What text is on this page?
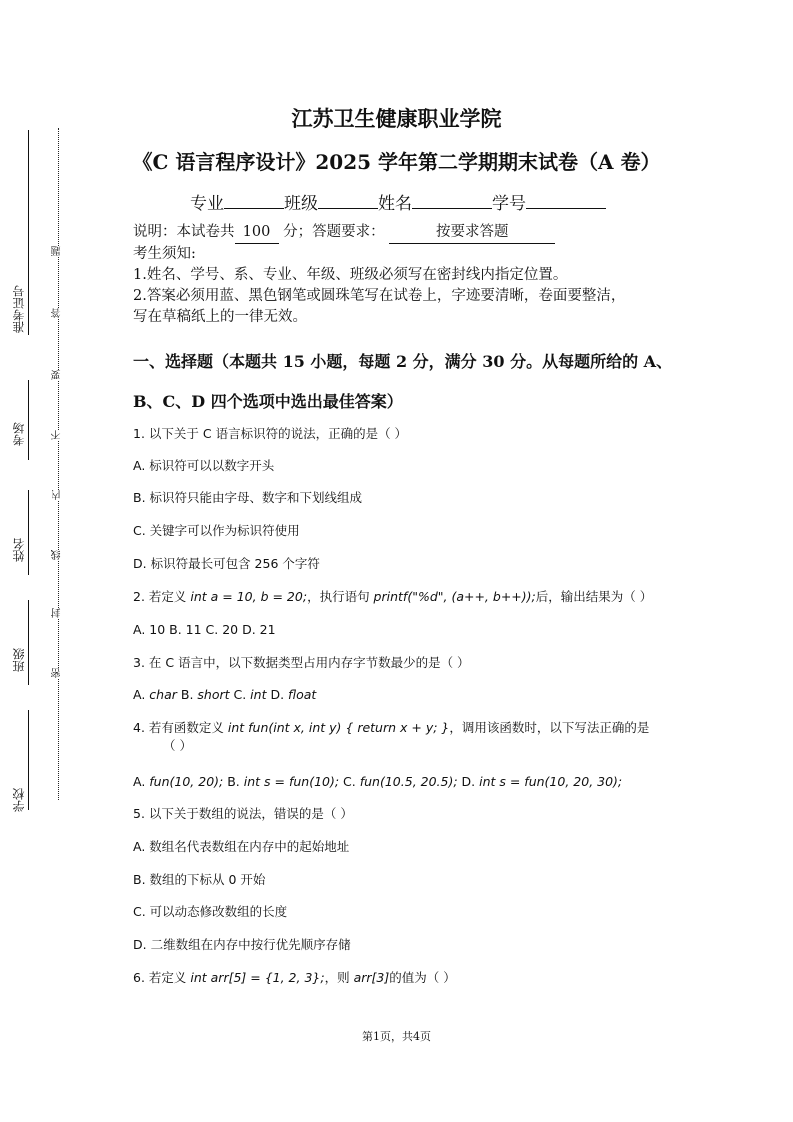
准考证号
考场
姓名
班级
学校
题
答
要
不
内
线
封
密
江苏卫生健康职业学院
《C 语言程序设计》2025 学年第二学期期末试卷（A 卷）
专业	班级	姓名	学号
说明：本试卷共 100 分；答题要求：	按要求答题
考生须知:
1.姓名、学号、系、专业、年级、班级必须写在密封线内指定位置。
2.答案必须用蓝、黑色钢笔或圆珠笔写在试卷上，字迹要清晰，卷面要整洁，
写在草稿纸上的一律无效。
一、选择题（本题共 15 小题，每题 2 分，满分 30 分。从每题所给的 A、
B、C、D 四个选项中选出最佳答案）
1. 以下关于 C 语言标识符的说法，正确的是（ ）
A. 标识符可以以数字开头
B. 标识符只能由字母、数字和下划线组成
C. 关键字可以作为标识符使用
D. 标识符最长可包含 256 个字符
2. 若定义 int a = 10, b = 20;，执行语句 printf("%d", (a++, b++));后，输出结果为（ ）
A. 10 B. 11 C. 20 D. 21
3. 在 C 语言中，以下数据类型占用内存字节数最少的是（ ）
A. char B. short C. int D. float
4. 若有函数定义 int fun(int x, int y) { return x + y; }，调用该函数时，以下写法正确的是
（ ）
A. fun(10, 20); B. int s = fun(10); C. fun(10.5, 20.5); D. int s = fun(10, 20, 30);
5. 以下关于数组的说法，错误的是（ ）
A. 数组名代表数组在内存中的起始地址
B. 数组的下标从 0 开始
C. 可以动态修改数组的长度
D. 二维数组在内存中按行优先顺序存储
6. 若定义 int arr[5] = {1, 2, 3};，则 arr[3]的值为（ ）
第1页，共4页
